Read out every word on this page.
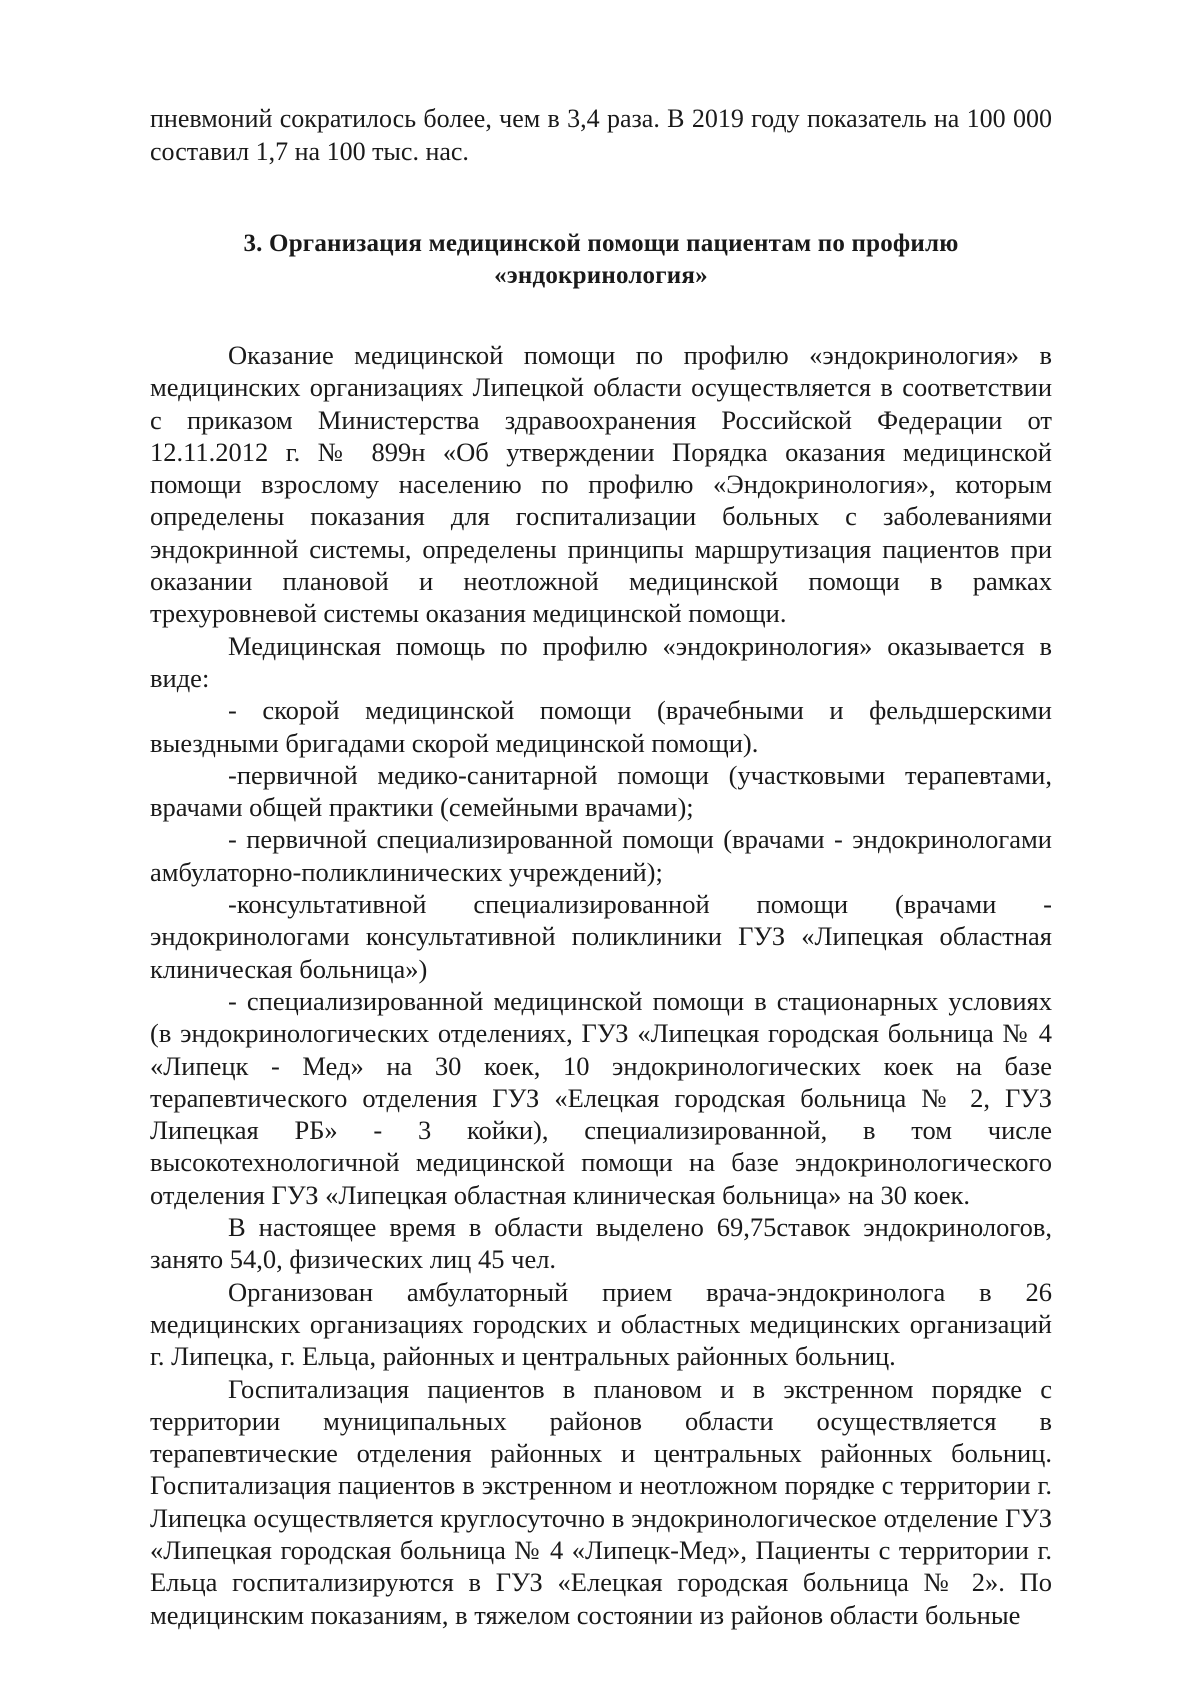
пневмоний сократилось более, чем в 3,4 раза. В 2019 году показатель на 100 000 составил 1,7 на 100 тыс. нас.

3. Организация медицинской помощи пациентам по профилю
«эндокринология»

Оказание медицинской помощи по профилю «эндокринология» в медицинских организациях Липецкой области осуществляется в соответствии с приказом Министерства здравоохранения Российской Федерации от 12.11.2012 г. № 899н «Об утверждении Порядка оказания медицинской помощи взрослому населению по профилю «Эндокринология», которым определены показания для госпитализации больных с заболеваниями эндокринной системы, определены принципы маршрутизация пациентов при оказании плановой и неотложной медицинской помощи в рамках трехуровневой системы оказания медицинской помощи.

Медицинская помощь по профилю «эндокринология» оказывается в виде:

- скорой медицинской помощи (врачебными и фельдшерскими выездными бригадами скорой медицинской помощи).

-первичной медико-санитарной помощи (участковыми терапевтами, врачами общей практики (семейными врачами);

- первичной специализированной помощи (врачами - эндокринологами амбулаторно-поликлинических учреждений);

-консультативной специализированной помощи (врачами - эндокринологами консультативной поликлиники ГУЗ «Липецкая областная клиническая больница»)

- специализированной медицинской помощи в стационарных условиях (в эндокринологических отделениях, ГУЗ «Липецкая городская больница № 4 «Липецк - Мед» на 30 коек, 10 эндокринологических коек на базе терапевтического отделения ГУЗ «Елецкая городская больница № 2, ГУЗ Липецкая РБ» - 3 койки), специализированной, в том числе высокотехнологичной медицинской помощи на базе эндокринологического отделения ГУЗ «Липецкая областная клиническая больница» на 30 коек.

В настоящее время в области выделено 69,75ставок эндокринологов, занято 54,0, физических лиц 45 чел.

Организован амбулаторный прием врача-эндокринолога в 26 медицинских организациях городских и областных медицинских организаций г. Липецка, г. Ельца, районных и центральных районных больниц.

Госпитализация пациентов в плановом и в экстренном порядке с территории муниципальных районов области осуществляется в терапевтические отделения районных и центральных районных больниц. Госпитализация пациентов в экстренном и неотложном порядке с территории г. Липецка осуществляется круглосуточно в эндокринологическое отделение ГУЗ «Липецкая городская больница № 4 «Липецк-Мед», Пациенты с территории г. Ельца госпитализируются в ГУЗ «Елецкая городская больница № 2». По медицинским показаниям, в тяжелом состоянии из районов области больные
